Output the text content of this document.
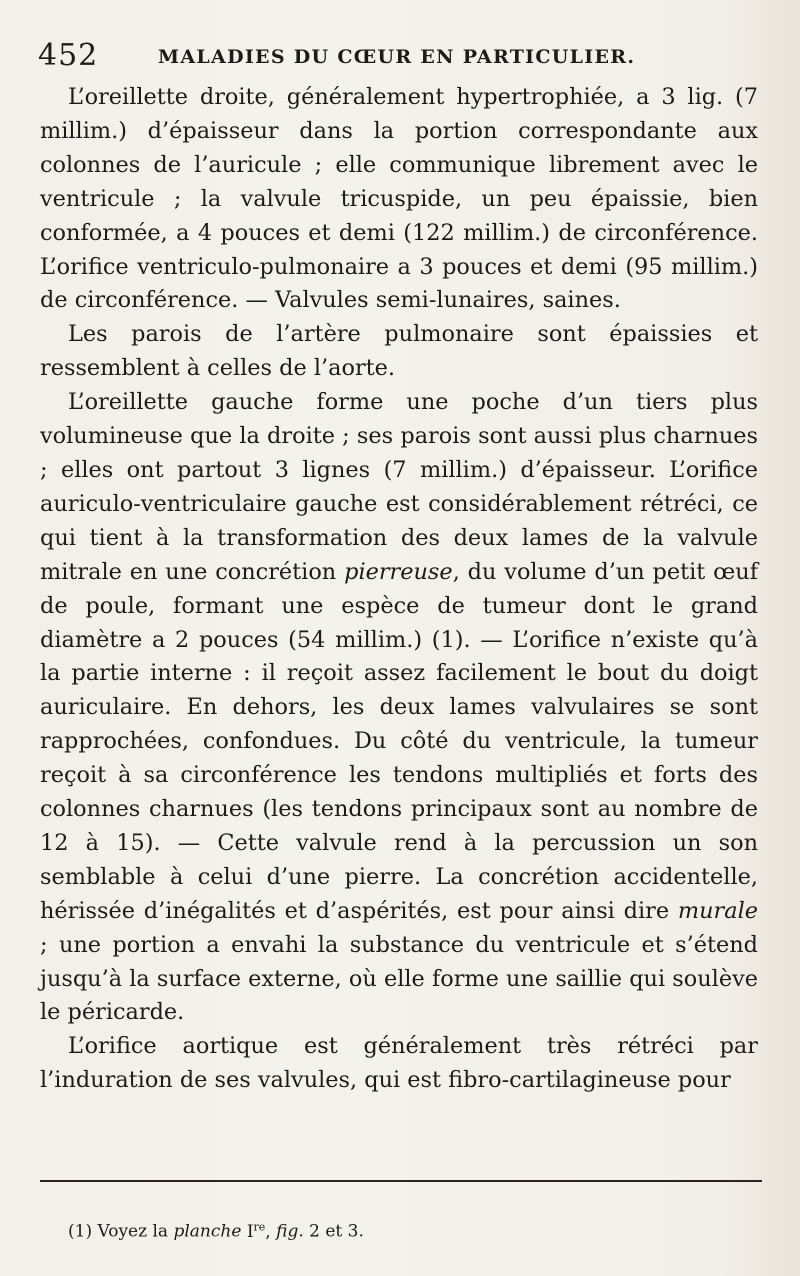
452	MALADIES DU CŒUR EN PARTICULIER.

L’oreillette droite, généralement hypertrophiée, a 3 lig. (7 millim.) d’épaisseur dans la portion correspondante aux colonnes de l’auricule ; elle communique librement avec le ventricule ; la valvule tricuspide, un peu épaissie, bien conformée, a 4 pouces et demi (122 millim.) de circonférence. L’orifice ventriculo-pulmonaire a 3 pouces et demi (95 millim.) de circonférence. — Valvules semi-lunaires, saines.

Les parois de l’artère pulmonaire sont épaissies et ressemblent à celles de l’aorte.

L’oreillette gauche forme une poche d’un tiers plus volumineuse que la droite ; ses parois sont aussi plus charnues ; elles ont partout 3 lignes (7 millim.) d’épaisseur. L’orifice auriculo-ventriculaire gauche est considérablement rétréci, ce qui tient à la transformation des deux lames de la valvule mitrale en une concrétion pierreuse, du volume d’un petit œuf de poule, formant une espèce de tumeur dont le grand diamètre a 2 pouces (54 millim.) (1). — L’orifice n’existe qu’à la partie interne : il reçoit assez facilement le bout du doigt auriculaire. En dehors, les deux lames valvulaires se sont rapprochées, confondues. Du côté du ventricule, la tumeur reçoit à sa circonférence les tendons multipliés et forts des colonnes charnues (les tendons principaux sont au nombre de 12 à 15). — Cette valvule rend à la percussion un son semblable à celui d’une pierre. La concrétion accidentelle, hérissée d’inégalités et d’aspérités, est pour ainsi dire murale ; une portion a envahi la substance du ventricule et s’étend jusqu’à la surface externe, où elle forme une saillie qui soulève le péricarde.

L’orifice aortique est généralement très rétréci par l’induration de ses valvules, qui est fibro-cartilagineuse pour

(1) Voyez la planche Ire, fig. 2 et 3.
